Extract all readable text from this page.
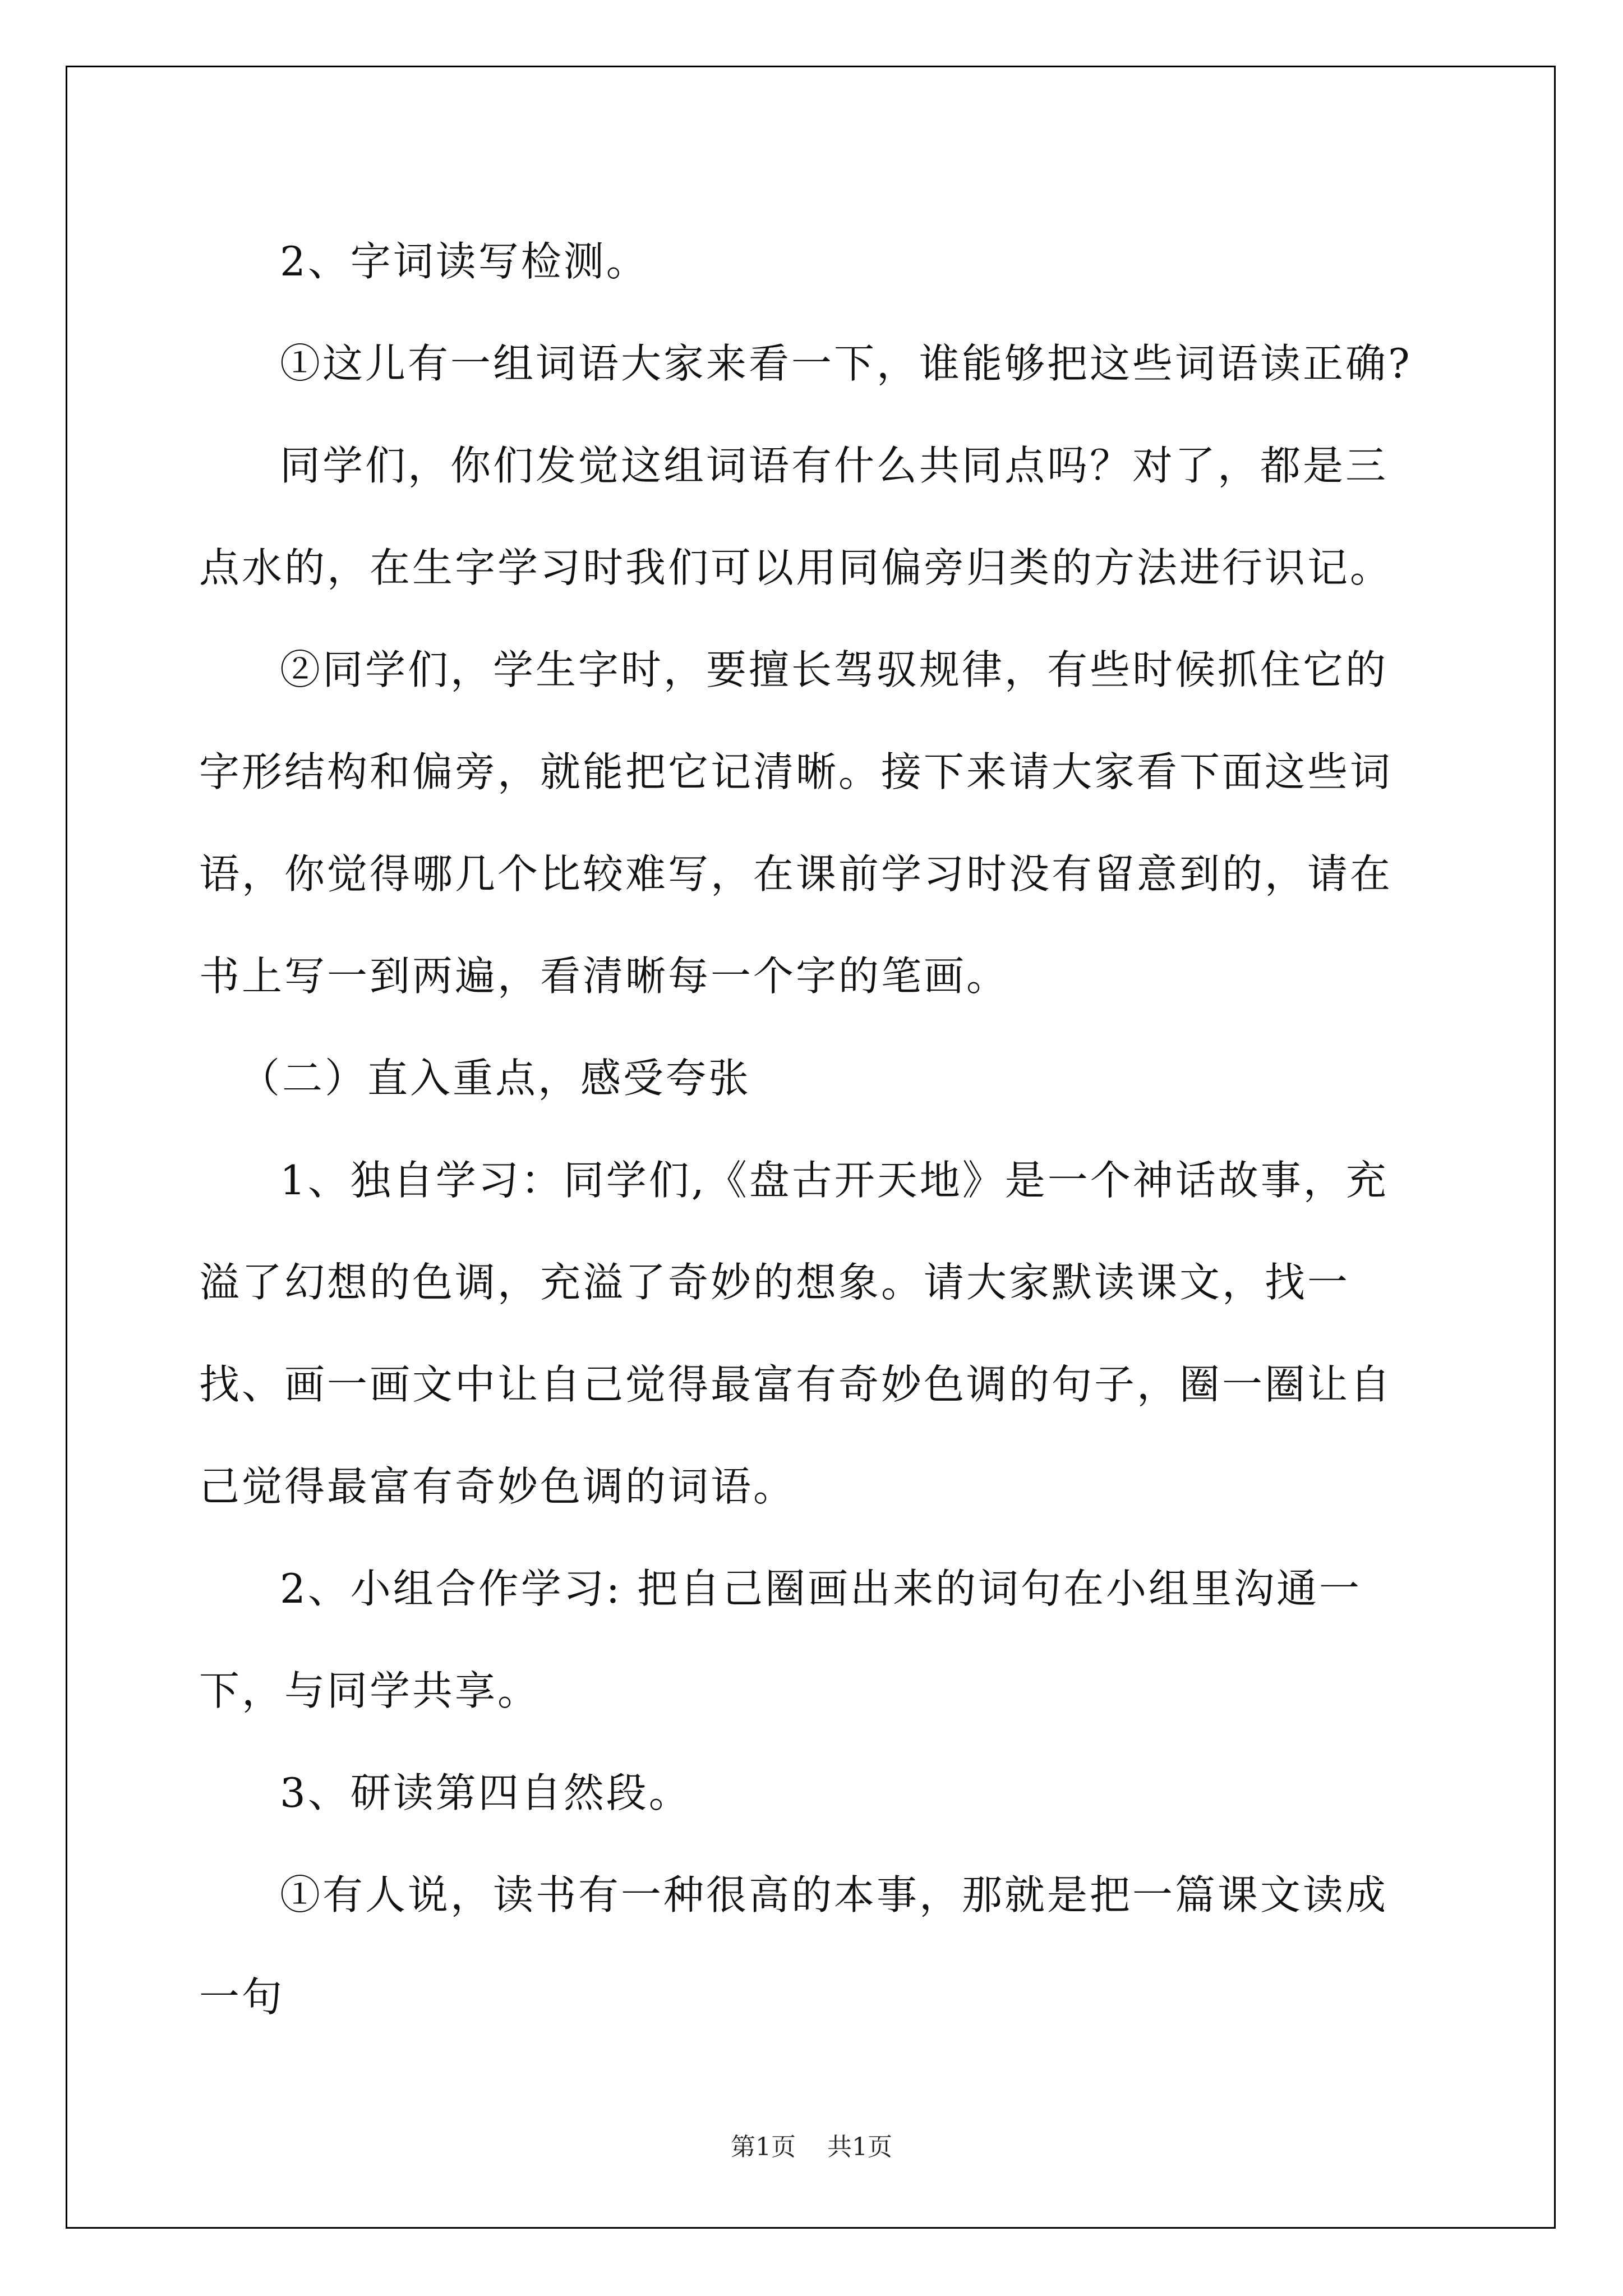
2、字词读写检测。

①这儿有一组词语大家来看一下，谁能够把这些词语读正确?

同学们，你们发觉这组词语有什么共同点吗？对了，都是三点水的，在生字学习时我们可以用同偏旁归类的方法进行识记。

②同学们，学生字时，要擅长驾驭规律，有些时候抓住它的字形结构和偏旁，就能把它记清晰。接下来请大家看下面这些词语，你觉得哪几个比较难写，在课前学习时没有留意到的，请在书上写一到两遍，看清晰每一个字的笔画。

（二）直入重点，感受夸张

1、独自学习：同学们,《盘古开天地》是一个神话故事，充溢了幻想的色调，充溢了奇妙的想象。请大家默读课文，找一找、画一画文中让自己觉得最富有奇妙色调的句子，圈一圈让自己觉得最富有奇妙色调的词语。

2、小组合作学习: 把自己圈画出来的词句在小组里沟通一下，与同学共享。

3、研读第四自然段。

①有人说，读书有一种很高的本事，那就是把一篇课文读成一句

第1页 共1页
